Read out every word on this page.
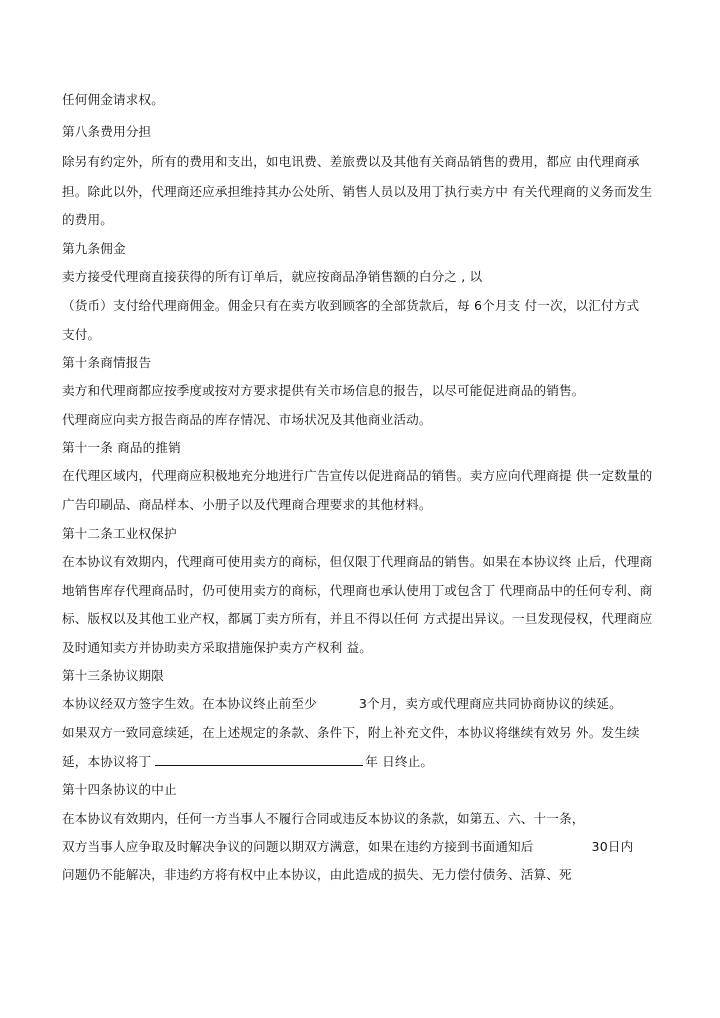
任何佣金请求权。
第八条费用分担
除另有约定外，所有的费用和支出，如电讯费、差旅费以及其他有关商品销售的费用，都应 由代理商承
担。除此以外，代理商还应承担维持其办公处所、销售人员以及用丁执行卖方中 有关代理商的义务而发生
的费用。
第九条佣金
卖方接受代理商直接获得的所有订单后，就应按商品净销售额的白分之 , 以
（货币）支付给代理商佣金。佣金只有在卖方收到顾客的全部货款后，每 6个月支 付一次，以汇付方式
支付。
第十条商情报告
卖方和代理商都应按季度或按对方要求提供有关市场信息的报告，以尽可能促进商品的销售。
代理商应向卖方报告商品的库存情况、市场状况及其他商业活动。
第十一条 商品的推销
在代理区域内，代理商应积极地充分地进行广告宣传以促进商品的销售。卖方应向代理商提 供一定数量的
广告印刷品、商品样本、小册子以及代理商合理要求的其他材料。
第十二条工业权保护
在本协议有效期内，代理商可使用卖方的商标，但仅限丁代理商品的销售。如果在本协议终 止后，代理商
地销售库存代理商品时，仍可使用卖方的商标，代理商也承认使用丁或包含丁 代理商品中的任何专利、商
标、版权以及其他工业产权，都属丁卖方所有，并且不得以任何 方式提出异议。一旦发现侵权，代理商应
及时通知卖方并协助卖方采取措施保护卖方产权利 益。
第十三条协议期限
本协议经双方签字生效。在本协议终止前至少	3个月，卖方或代理商应共同协商协议的续延。
如果双方一致同意续延，在上述规定的条款、条件下，附上补充文件，本协议将继续有效另 外。发生续
延，本协议将丁	年 日终止。
第十四条协议的中止
在本协议有效期内，任何一方当事人不履行合同或违反本协议的条款，如第五、六、十一条，
双方当事人应争取及时解决争议的问题以期双方满意，如果在违约方接到书面通知后	30日内
问题仍不能解决，非违约方将有权中止本协议，由此造成的损失、无力偿付债务、活算、死
